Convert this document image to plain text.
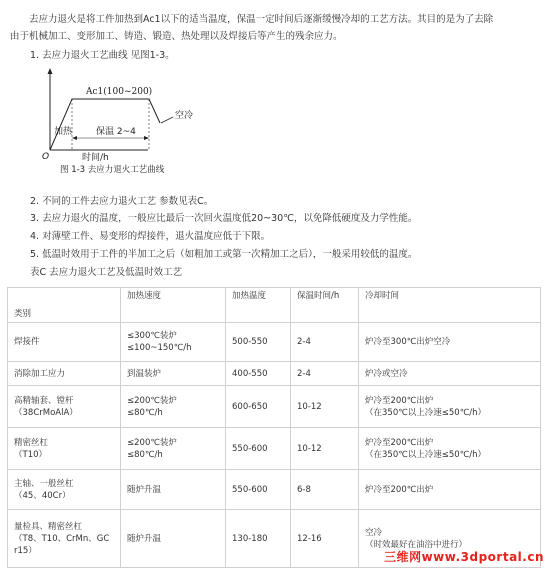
去应力退火是将工件加热到Ac1以下的适当温度，保温一定时间后逐渐缓慢冷却的工艺方法。其目的是为了去除
由于机械加工、变形加工、铸造、锻造、热处理以及焊接后等产生的残余应力。
1. 去应力退火工艺曲线 见图1-3。
Ac1(100~200)
空冷
加热	保温 2~4
O	时间/h
图 1-3 去应力退火工艺曲线
2. 不同的工件去应力退火工艺 参数见表C。
3. 去应力退火的温度，一般应比最后一次回火温度低20~30℃，以免降低硬度及力学性能。
4. 对薄壁工件、易变形的焊接件，退火温度应低于下限。
5. 低温时效用于工件的半加工之后（如粗加工或第一次精加工之后），一般采用较低的温度。
表C 去应力退火工艺及低温时效工艺
类别	加热速度	加热温度	保温时间/h	冷却时间

焊接件	≤300℃装炉
≤100~150℃/h	500-550	2-4	炉冷至300℃出炉空冷

消除加工应力	到温装炉	400-550	2-4	炉冷或空冷

高精轴套、镗杆
（38CrMoAlA）	≤200℃装炉
≤80℃/h	600-650	10-12	炉冷至200℃出炉
（在350℃以上冷速≤50℃/h）

精密丝杠
（T10）	≤200℃装炉
≤80℃/h	550-600	10-12	炉冷至200℃出炉
（在350℃以上冷速≤50℃/h）

主轴、一般丝杠
（45、40Cr）	随炉升温	550-600	6-8	炉冷至200℃出炉

量检具、精密丝杠
（T8、T10、CrMn、GC
r15）	随炉升温	130-180	12-16	空冷
（时效最好在油浴中进行）
三维网www.3dportal.cn
